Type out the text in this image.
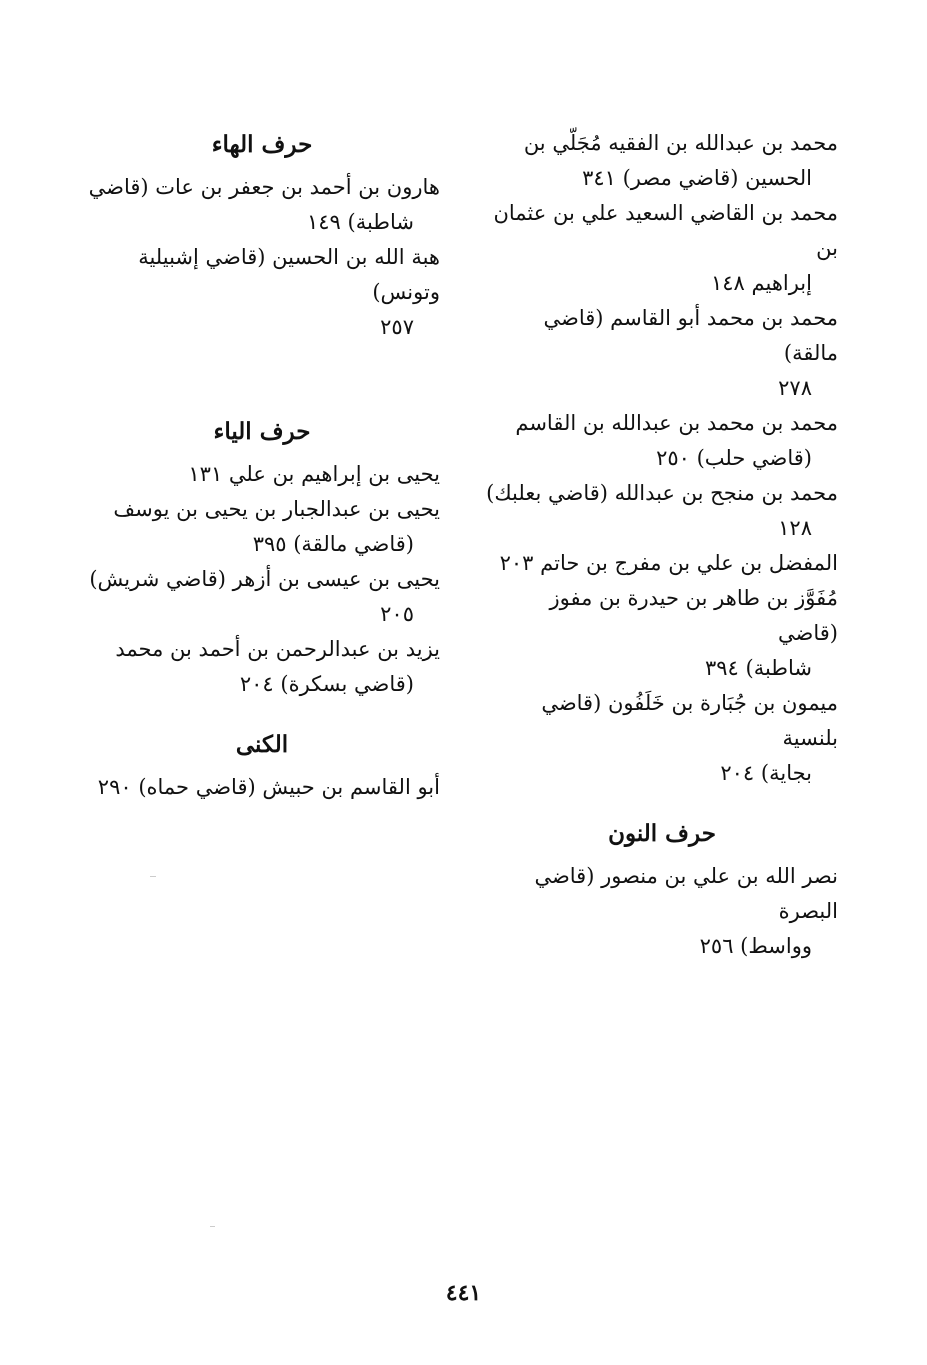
محمد بن عبدالله بن الفقيه مُجَلّي بن
الحسين (قاضي مصر) ٣٤١

محمد بن القاضي السعيد علي بن عثمان بن
إبراهيم ١٤٨

محمد بن محمد أبو القاسم (قاضي مالقة)
٢٧٨

محمد بن محمد بن عبدالله بن القاسم
(قاضي حلب) ٢٥٠

محمد بن منجح بن عبدالله (قاضي بعلبك)
١٢٨

المفضل بن علي بن مفرج بن حاتم ٢٠٣

مُفَوَّز بن طاهر بن حيدرة بن مفوز (قاضي
شاطبة) ٣٩٤

ميمون بن جُبَارة بن خَلَفُون (قاضي بلنسية
بجاية) ٢٠٤

حرف النون

نصر الله بن علي بن منصور (قاضي البصرة
وواسط) ٢٥٦

حرف الهاء

هارون بن أحمد بن جعفر بن عات (قاضي
شاطبة) ١٤٩

هبة الله بن الحسين (قاضي إشبيلية وتونس)
٢٥٧

حرف الياء

يحيى بن إبراهيم بن علي ١٣١

يحيى بن عبدالجبار بن يحيى بن يوسف
(قاضي مالقة) ٣٩٥

يحيى بن عيسى بن أزهر (قاضي شريش)
٢٠٥

يزيد بن عبدالرحمن بن أحمد بن محمد
(قاضي بسكرة) ٢٠٤

الكنى

أبو القاسم بن حبيش (قاضي حماه) ٢٩٠

٤٤١
